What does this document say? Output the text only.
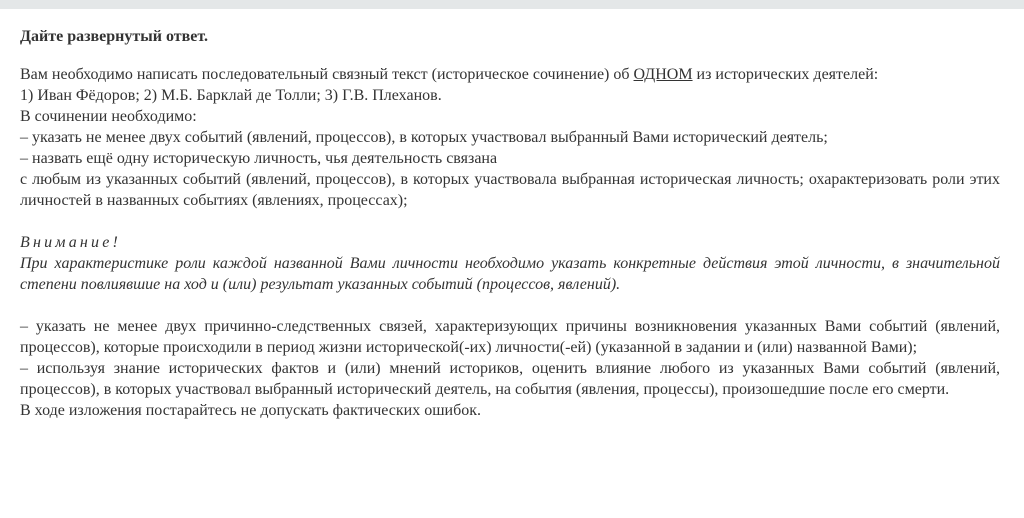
Дайте развернутый ответ.

Вам необходимо написать последовательный связный текст (историческое сочинение) об ОДНОМ из исторических деятелей:

1) Иван Фёдоров; 2) М.Б. Барклай де Толли; 3) Г.В. Плеханов.

В сочинении необходимо:

– указать не менее двух событий (явлений, процессов), в которых участвовал выбранный Вами исторический деятель;

– назвать ещё одну историческую личность, чья деятельность связана

с любым из указанных событий (явлений, процессов), в которых участвовала выбранная историческая личность; охарактеризовать роли этих личностей в названных событиях (явлениях, процессах);

Внимание!

При характеристике роли каждой названной Вами личности необходимо указать конкретные действия этой личности, в значительной степени повлиявшие на ход и (или) результат указанных событий (процессов, явлений).

– указать не менее двух причинно-следственных связей, характеризующих причины возникновения указанных Вами событий (явлений, процессов), которые происходили в период жизни исторической(-их) личности(-ей) (указанной в задании и (или) названной Вами);

– используя знание исторических фактов и (или) мнений историков, оценить влияние любого из указанных Вами событий (явлений, процессов), в которых участвовал выбранный исторический деятель, на события (явления, процессы), произошедшие после его смерти.

В ходе изложения постарайтесь не допускать фактических ошибок.
